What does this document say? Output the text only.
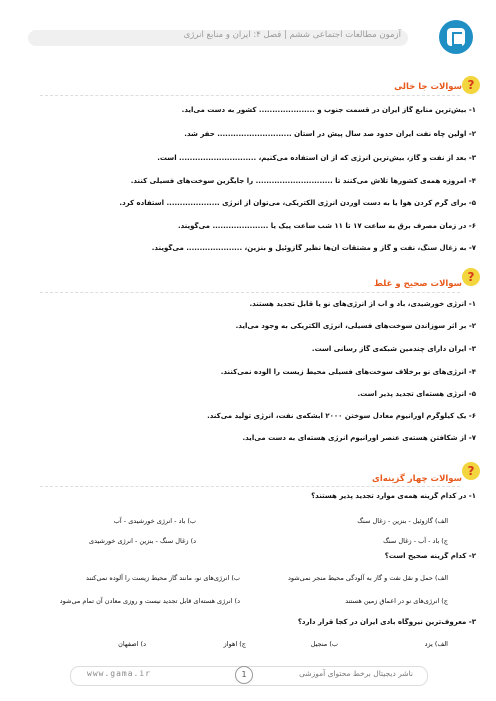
آزمون مطالعات اجتماعی ششم | فصل ۴: ایران و منابع انرژی
?
سوالات جا خالی
۱- بیش‌ترین منابع گاز ایران در قسمت جنوب و ..................... کشور به دست می‌آید.
۲- اولین چاه نفت ایران حدود صد سال پیش در استان ............................ حفر شد.
۳- بعد از نفت و گاز، بیش‌ترین انرژی که از آن استفاده می‌کنیم، ............................. است.
۴- امروزه همه‌ی کشورها تلاش می‌کنند تا ............................. را جایگزین سوخت‌های فسیلی کنند.
۵- برای گرم کردن هوا یا به دست آوردن انرژی الکتریکی، می‌توان از انرژی .................... استفاده کرد.
۶- در زمان مصرف برق به ساعت ۱۷ تا ۱۱ شب ساعت پیک یا ..................... می‌گویند.
۷- به زغال سنگ، نفت و گاز و مشتقات آن‌ها نظیر گازوئیل و بنزین، ..................... می‌گویند.
?
سوالات صحیح و غلط
۱- انرژی خورشیدی، باد و آب از انرژی‌های نو یا قابل تجدید هستند.
۲- بر اثر سوزاندن سوخت‌های فسیلی، انرژی الکتریکی به وجود می‌آید.
۳- ایران دارای چندمین شبکه‌ی گاز رسانی است.
۴- انرژی‌های نو برخلاف سوخت‌های فسیلی محیط زیست را آلوده نمی‌کنند.
۵- انرژی هسته‌ای تجدید پذیر است.
۶- یک کیلوگرم اورانیوم معادل سوختن ۲۰۰۰ ابشکه‌ی نفت، انرژی تولید می‌کند.
۷- از شکافتن هسته‌ی عنصر اورانیوم انرژی هسته‌ای به دست می‌آید.
?
سوالات چهار گزینه‌ای
۱- در کدام گزینه همه‌ی موارد تجدید پذیر هستند؟
الف) گازوئیل - بنزین - زغال سنگ
ب) باد - انرژی خورشیدی - آب
ج) باد - آب - زغال سنگ
د) زغال سنگ - بنزین - انرژی خورشیدی
۲- کدام گزینه صحیح است؟
الف) حمل و نقل نفت و گاز به آلودگی محیط منجر نمی‌شود
ب) انرژی‌های نو، مانند گاز محیط زیست را آلوده نمی‌کنند
ج) انرژی‌های نو در اعماق زمین هستند
د) انرژی هسته‌ای قابل تجدید نیست و روزی معادن آن تمام می‌شود
۳- معروف‌ترین نیروگاه بادی ایران در کجا قرار دارد؟
الف) یزد
ب) منجیل
ج) اهواز
د) اصفهان
www.gama.ir	1	ناشر دیجیتال برخط محتوای آموزشی
